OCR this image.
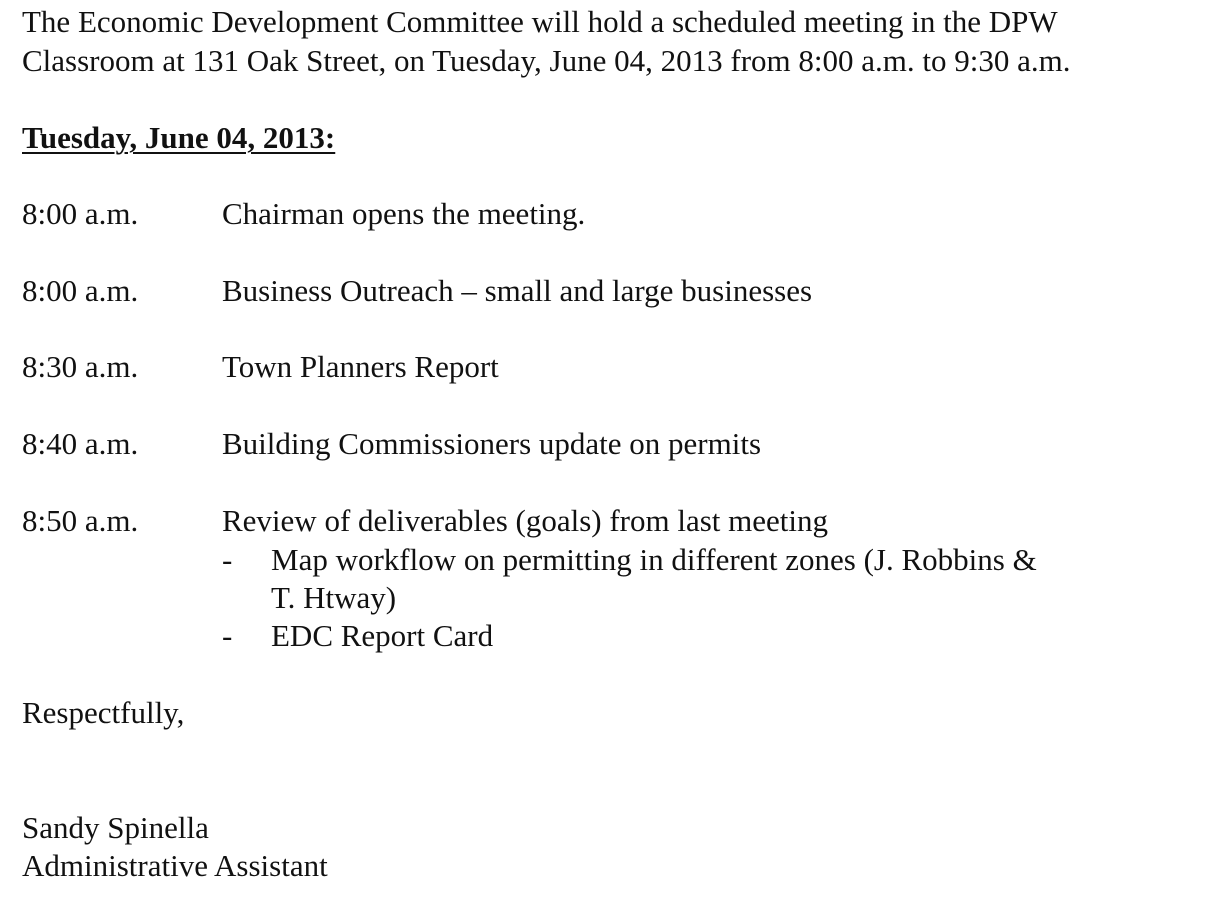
The Economic Development Committee will hold a scheduled meeting in the DPW
Classroom at 131 Oak Street, on Tuesday, June 04, 2013 from 8:00 a.m. to 9:30 a.m.
Tuesday, June 04, 2013:
8:00 a.m.	Chairman opens the meeting.
8:00 a.m.	Business Outreach – small and large businesses
8:30 a.m.	Town Planners Report
8:40 a.m.	Building Commissioners update on permits
8:50 a.m.	Review of deliverables (goals) from last meeting
- Map workflow on permitting in different zones (J. Robbins &
T. Htway)
- EDC Report Card
Respectfully,
Sandy Spinella
Administrative Assistant
